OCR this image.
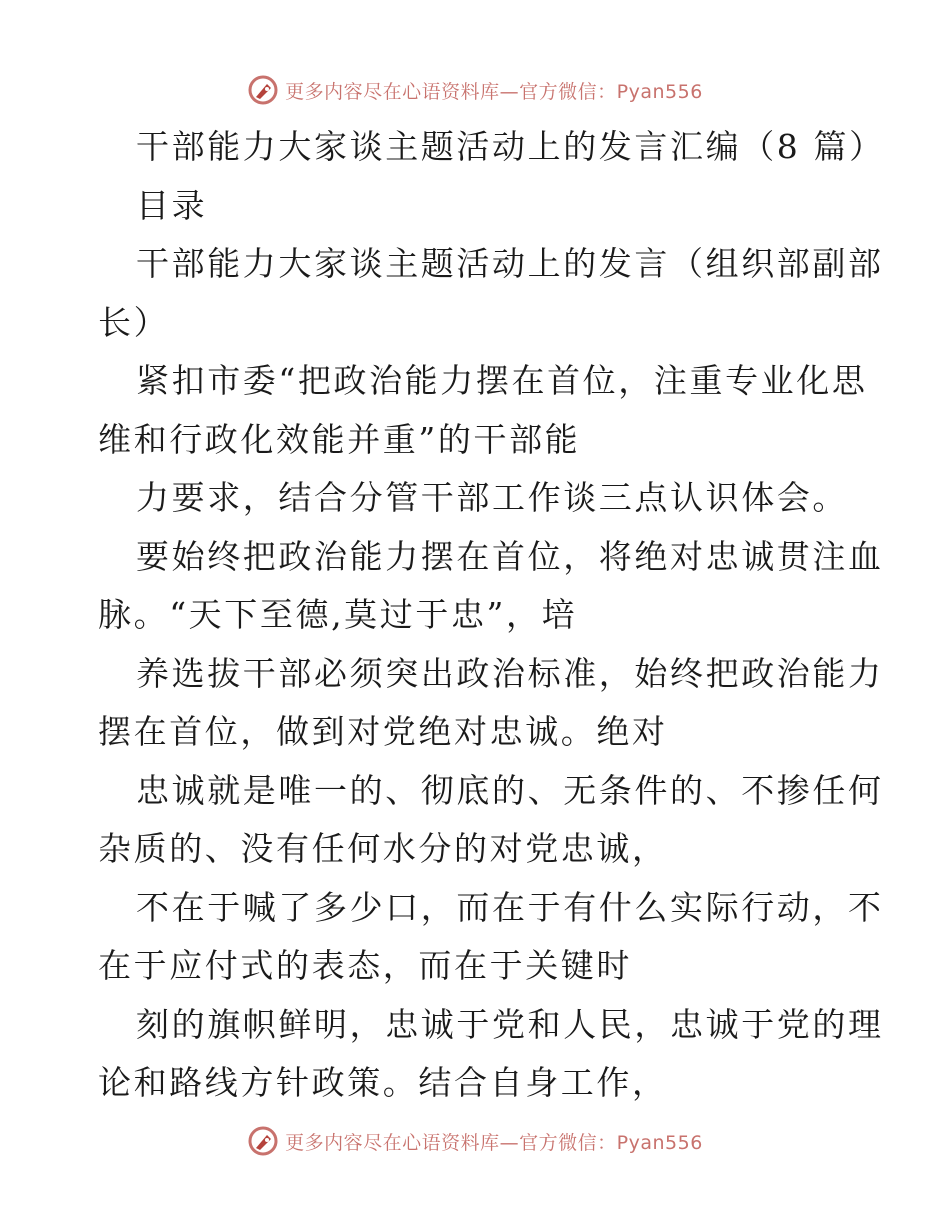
更多内容尽在心语资料库—官方微信：Pyan556
干部能力大家谈主题活动上的发言汇编（8 篇）
目录
干部能力大家谈主题活动上的发言（组织部副部
长）
紧扣市委“把政治能力摆在首位，注重专业化思
维和行政化效能并重”的干部能
力要求，结合分管干部工作谈三点认识体会。
要始终把政治能力摆在首位，将绝对忠诚贯注血
脉。“天下至德,莫过于忠”，培
养选拔干部必须突出政治标准，始终把政治能力
摆在首位，做到对党绝对忠诚。绝对
忠诚就是唯一的、彻底的、无条件的、不掺任何
杂质的、没有任何水分的对党忠诚，
不在于喊了多少口，而在于有什么实际行动，不
在于应付式的表态，而在于关键时
刻的旗帜鲜明，忠诚于党和人民，忠诚于党的理
论和路线方针政策。结合自身工作，
更多内容尽在心语资料库—官方微信：Pyan556
